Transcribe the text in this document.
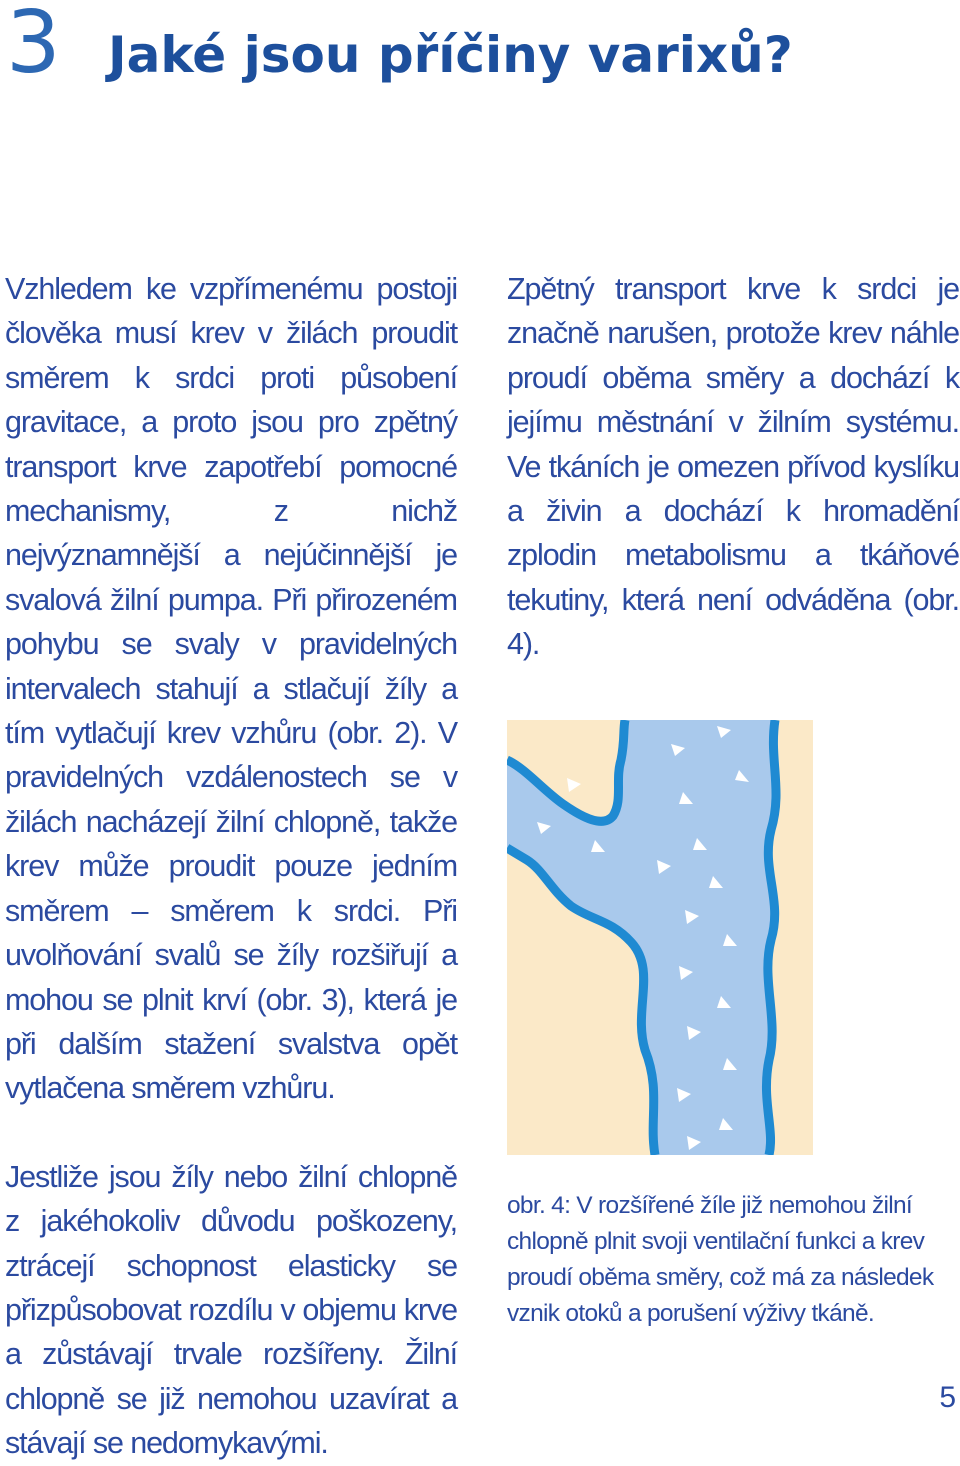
3 Jaké jsou příčiny varixů?

Vzhledem ke vzpřímenému postoji člověka musí krev v žilách proudit směrem k srdci proti působení gravitace, a proto jsou pro zpětný transport krve zapotřebí pomocné mechanismy, z nichž nejvýznamnější a nejúčinnější je svalová žilní pumpa. Při přirozeném pohybu se svaly v pravidelných intervalech stahují a stlačují žíly a tím vytlačují krev vzhůru (obr. 2). V pravidelných vzdálenostech se v žilách nacházejí žilní chlopně, takže krev může proudit pouze jedním směrem – směrem k srdci. Při uvolňování svalů se žíly rozšiřují a mohou se plnit krví (obr. 3), která je při dalším stažení svalstva opět vytlačena směrem vzhůru.

Jestliže jsou žíly nebo žilní chlopně z jakéhokoliv důvodu poškozeny, ztrácejí schopnost elasticky se přizpůsobovat rozdílu v objemu krve a zůstávají trvale rozšířeny. Žilní chlopně se již nemohou uzavírat a stávají se nedomykavými.

Zpětný transport krve k srdci je značně narušen, protože krev náhle proudí oběma směry a dochází k jejímu městnání v žilním systému. Ve tkáních je omezen přívod kyslíku a živin a dochází k hromadění zplodin metabolismu a tkáňové tekutiny, která není odváděna (obr. 4).

obr. 4: V rozšířené žíle již nemohou žilní chlopně plnit svoji ventilační funkci a krev proudí oběma směry, což má za následek vznik otoků a porušení výživy tkáně.

5
